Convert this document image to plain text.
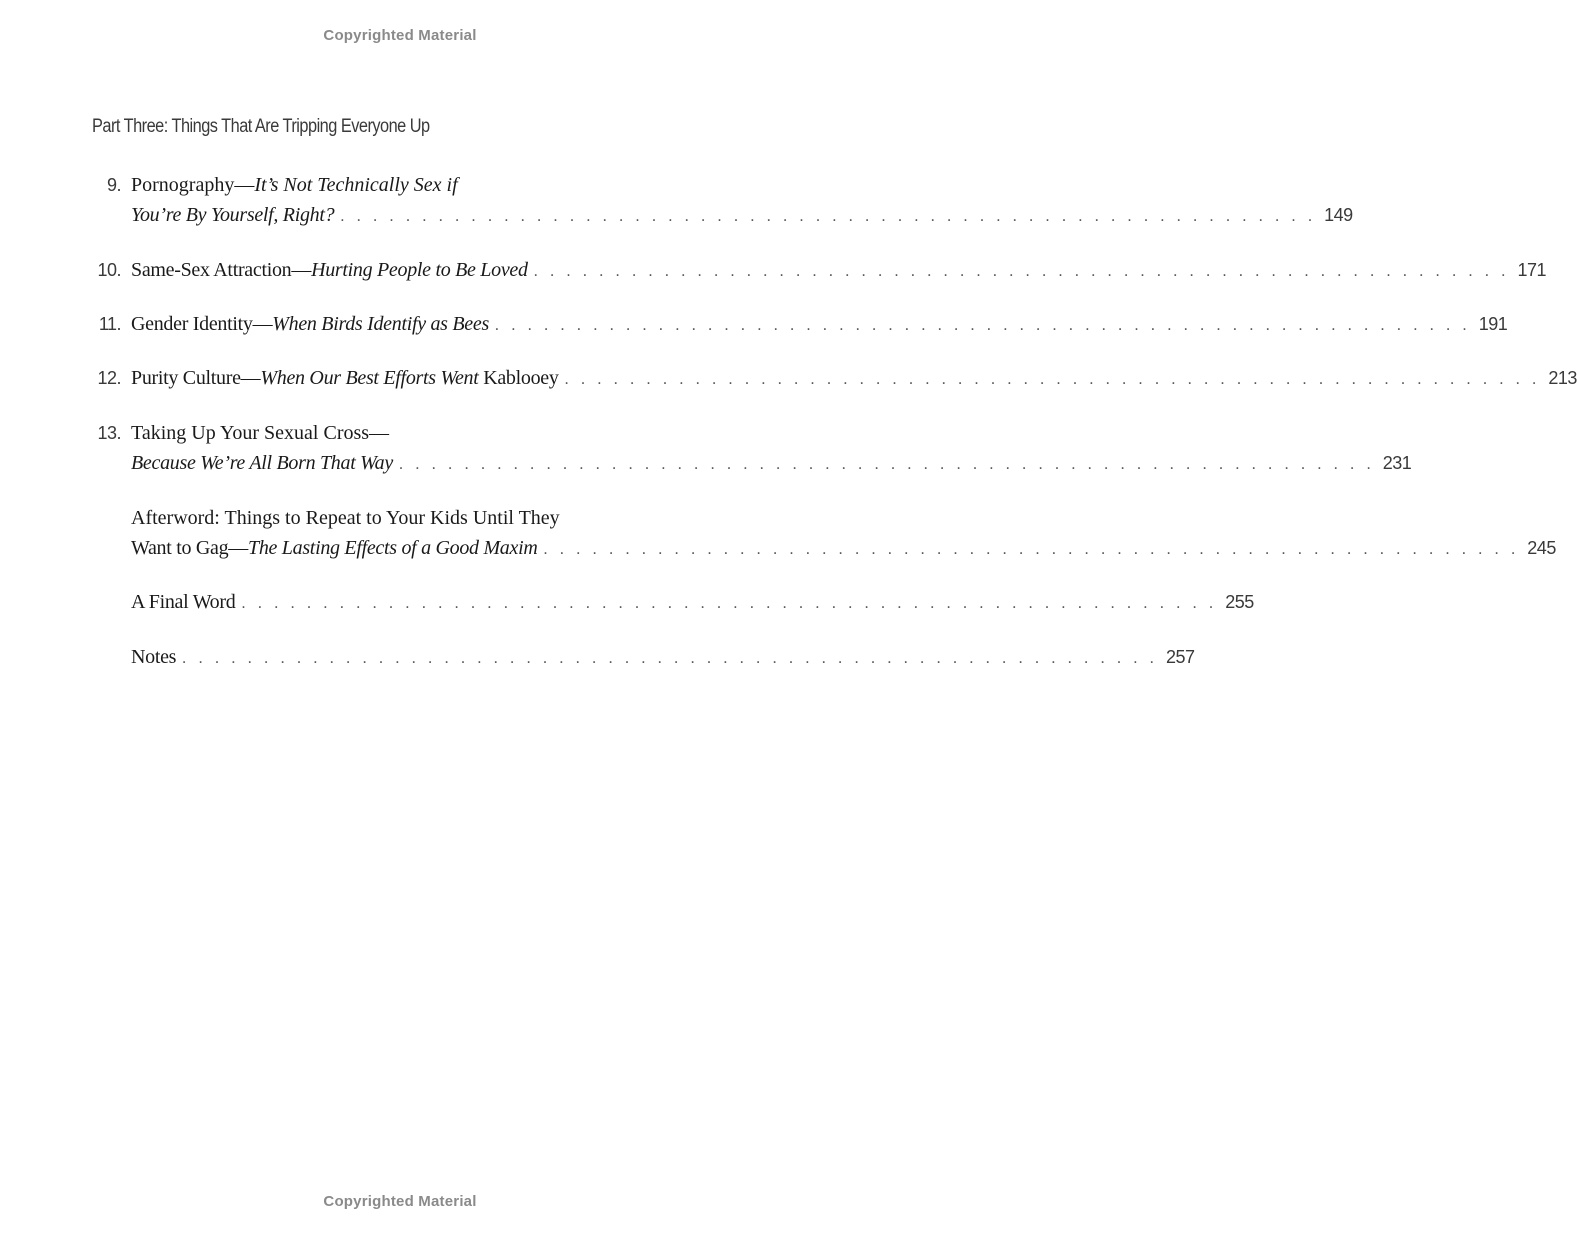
Copyrighted Material
Part Three: Things That Are Tripping Everyone Up
9. Pornography—It’s Not Technically Sex if
You’re By Yourself, Right? . . . . . . . . . . . . . . . . . . . . . . . . . . . . . . . . . . . . . . . . . . . . . . . . . . . . . . . . . . . . 149
10. Same-Sex Attraction—Hurting People to Be Loved . . . . . . . . . . . . . . . . . . . . . . . . . . . . . . . . . . . . . . . . . . . . . . . . . . . . . . . . . . . . 171
11. Gender Identity—When Birds Identify as Bees . . . . . . . . . . . . . . . . . . . . . . . . . . . . . . . . . . . . . . . . . . . . . . . . . . . . . . . . . . . . 191
12. Purity Culture—When Our Best Efforts Went Kablooey . . . . . . . . . . . . . . . . . . . . . . . . . . . . . . . . . . . . . . . . . . . . . . . . . . . . . . . . . . . . 213
13. Taking Up Your Sexual Cross—
Because We’re All Born That Way . . . . . . . . . . . . . . . . . . . . . . . . . . . . . . . . . . . . . . . . . . . . . . . . . . . . . . . . . . . . 231
Afterword: Things to Repeat to Your Kids Until They
Want to Gag—The Lasting Effects of a Good Maxim . . . . . . . . . . . . . . . . . . . . . . . . . . . . . . . . . . . . . . . . . . . . . . . . . . . . . . . . . . . . 245
A Final Word . . . . . . . . . . . . . . . . . . . . . . . . . . . . . . . . . . . . . . . . . . . . . . . . . . . . . . . . . . . . 255
Notes . . . . . . . . . . . . . . . . . . . . . . . . . . . . . . . . . . . . . . . . . . . . . . . . . . . . . . . . . . . . 257
Copyrighted Material
